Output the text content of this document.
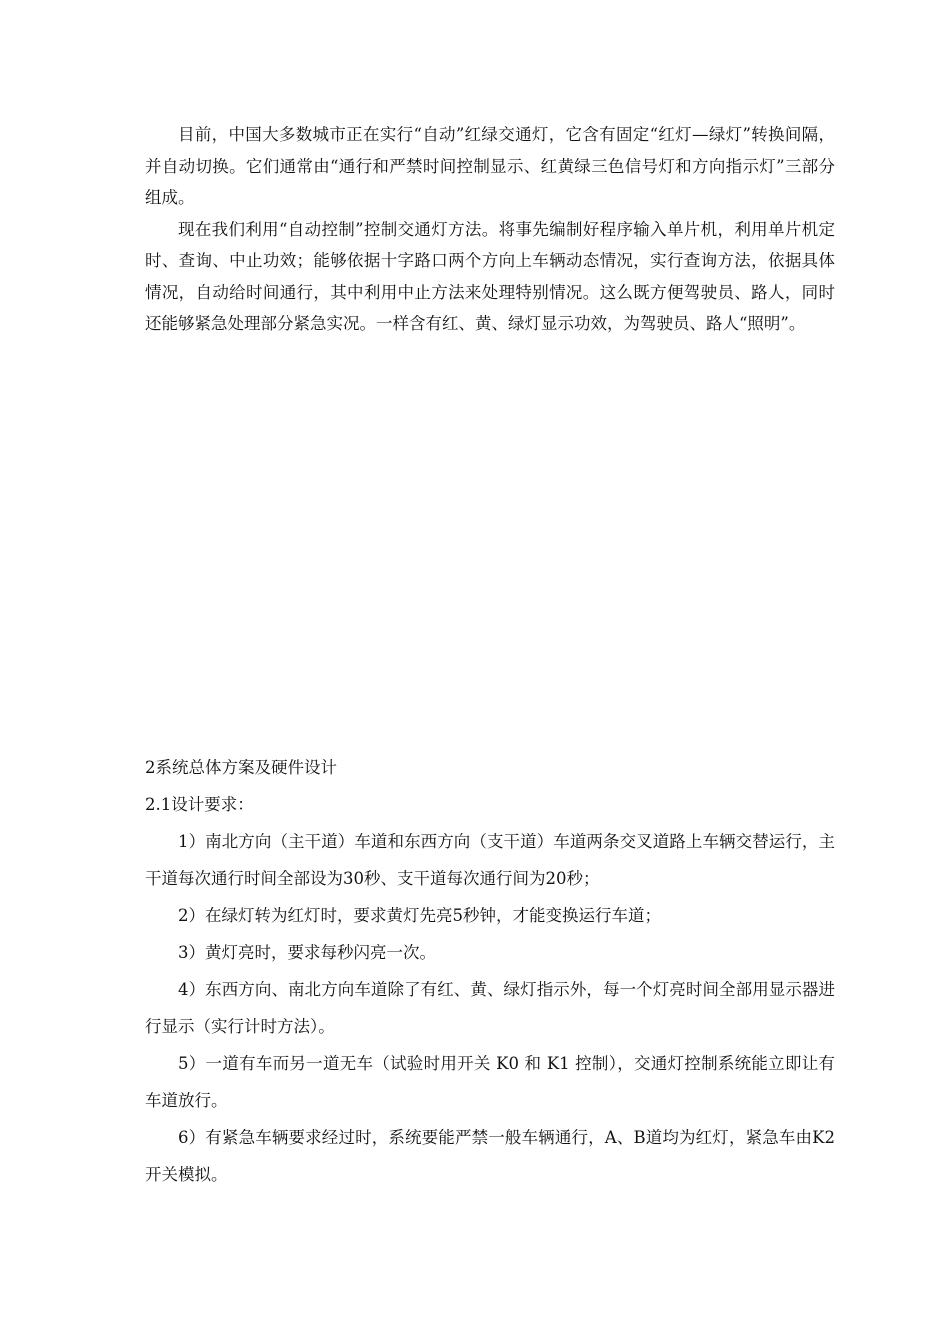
目前，中国大多数城市正在实行“自动”红绿交通灯，它含有固定“红灯—绿灯”转换间隔，并自动切换。它们通常由“通行和严禁时间控制显示、红黄绿三色信号灯和方向指示灯”三部分组成。

现在我们利用“自动控制”控制交通灯方法。将事先编制好程序输入单片机，利用单片机定时、查询、中止功效；能够依据十字路口两个方向上车辆动态情况，实行查询方法，依据具体情况，自动给时间通行，其中利用中止方法来处理特别情况。这么既方便驾驶员、路人，同时还能够紧急处理部分紧急实况。一样含有红、黄、绿灯显示功效，为驾驶员、路人“照明”。

2系统总体方案及硬件设计

2.1设计要求：

1）南北方向（主干道）车道和东西方向（支干道）车道两条交叉道路上车辆交替运行，主干道每次通行时间全部设为30秒、支干道每次通行间为20秒；

2）在绿灯转为红灯时，要求黄灯先亮5秒钟，才能变换运行车道；

3）黄灯亮时，要求每秒闪亮一次。

4）东西方向、南北方向车道除了有红、黄、绿灯指示外，每一个灯亮时间全部用显示器进行显示（实行计时方法）。

5）一道有车而另一道无车（试验时用开关 K0 和 K1 控制），交通灯控制系统能立即让有车道放行。

6）有紧急车辆要求经过时，系统要能严禁一般车辆通行，A、B道均为红灯，紧急车由K2 开关模拟。
